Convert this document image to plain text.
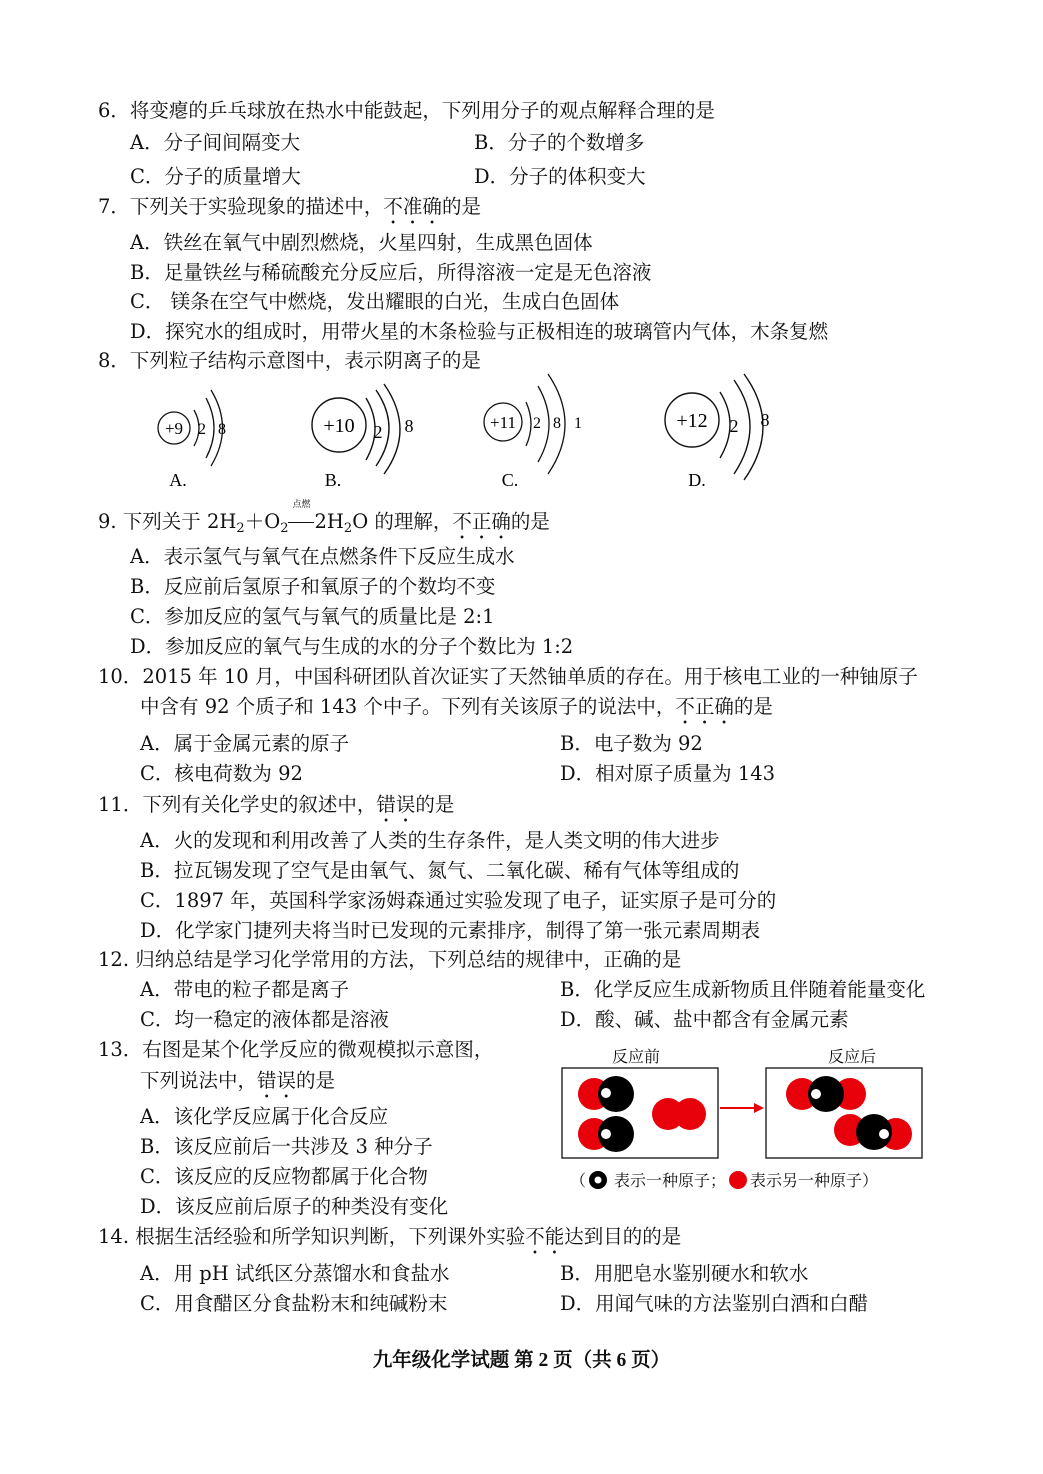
6．将变瘪的乒乓球放在热水中能鼓起，下列用分子的观点解释合理的是
A．分子间间隔变大	B．分子的个数增多
C．分子的质量增大	D．分子的体积变大
7．下列关于实验现象的描述中，不准确的是
A．铁丝在氧气中剧烈燃烧，火星四射，生成黑色固体
B．足量铁丝与稀硫酸充分反应后，所得溶液一定是无色溶液
C． 镁条在空气中燃烧，发出耀眼的白光，生成白色固体
D．探究水的组成时，用带火星的木条检验与正极相连的玻璃管内气体，木条复燃
8．下列粒子结构示意图中，表示阴离子的是
+9 2 8
A.
+10 2 8
B.
+11 2 8 1
C.
+12 2 8
D.
9. 下列关于 $2H_2+O_2$
点燃
$2H_2O$ 的理解，不正确的是
A．表示氢气与氧气在点燃条件下反应生成水
B．反应前后氢原子和氧原子的个数均不变
C．参加反应的氢气与氧气的质量比是 2:1
D．参加反应的氧气与生成的水的分子个数比为 1:2
10．2015 年 10 月，中国科研团队首次证实了天然铀单质的存在。用于核电工业的一种铀原子
中含有 92 个质子和 143 个中子。下列有关该原子的说法中，不正确的是
A．属于金属元素的原子	B．电子数为 92
C．核电荷数为 92	D．相对原子质量为 143
11．下列有关化学史的叙述中，错误的是
A．火的发现和利用改善了人类的生存条件，是人类文明的伟大进步
B．拉瓦锡发现了空气是由氧气、氮气、二氧化碳、稀有气体等组成的
C．1897 年，英国科学家汤姆森通过实验发现了电子，证实原子是可分的
D．化学家门捷列夫将当时已发现的元素排序，制得了第一张元素周期表
12. 归纳总结是学习化学常用的方法，下列总结的规律中，正确的是
A．带电的粒子都是离子	B．化学反应生成新物质且伴随着能量变化
C．均一稳定的液体都是溶液	D．酸、碱、盐中都含有金属元素
13．右图是某个化学反应的微观模拟示意图，
下列说法中，错误的是
A．该化学反应属于化合反应
B．该反应前后一共涉及 3 种分子
C．该反应的反应物都属于化合物
D．该反应前后原子的种类没有变化
反应前	反应后
（ 表示一种原子； 表示另一种原子）
14. 根据生活经验和所学知识判断，下列课外实验不能达到目的的是
A．用 pH 试纸区分蒸馏水和食盐水	B．用肥皂水鉴别硬水和软水
C．用食醋区分食盐粉末和纯碱粉末	D．用闻气味的方法鉴别白酒和白醋
九年级化学试题 第 2 页（共 6 页）
